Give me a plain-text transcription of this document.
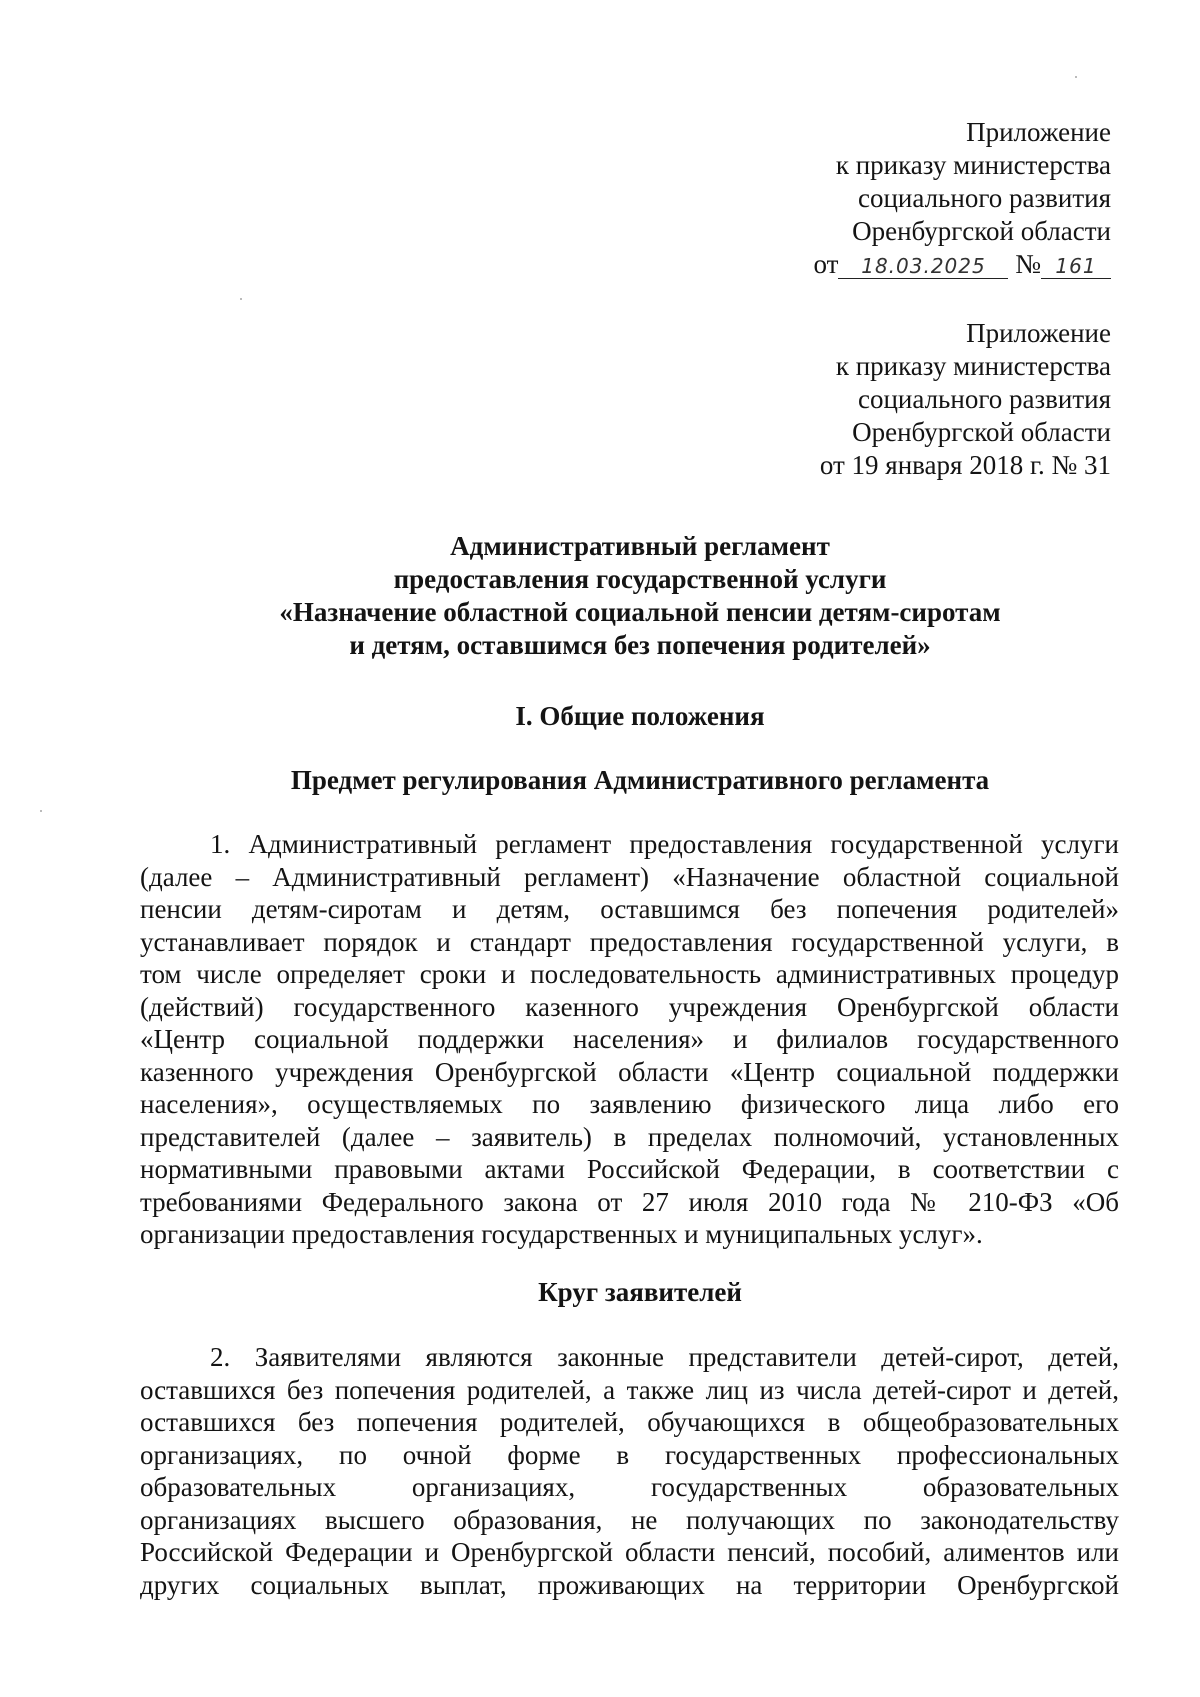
Приложение
к приказу министерства
социального развития
Оренбургской области
от 18.03.2025 № 161
Приложение
к приказу министерства
социального развития
Оренбургской области
от 19 января 2018 г. № 31
Административный регламент
предоставления государственной услуги
«Назначение областной социальной пенсии детям-сиротам
и детям, оставшимся без попечения родителей»
I. Общие положения
Предмет регулирования Административного регламента
1. Административный регламент предоставления государственной услуги
(далее – Административный регламент) «Назначение областной социальной
пенсии детям-сиротам и детям, оставшимся без попечения родителей»
устанавливает порядок и стандарт предоставления государственной услуги, в
том числе определяет сроки и последовательность административных процедур
(действий) государственного казенного учреждения Оренбургской области
«Центр социальной поддержки населения» и филиалов государственного
казенного учреждения Оренбургской области «Центр социальной поддержки
населения», осуществляемых по заявлению физического лица либо его
представителей (далее – заявитель) в пределах полномочий, установленных
нормативными правовыми актами Российской Федерации, в соответствии с
требованиями Федерального закона от 27 июля 2010 года № 210-ФЗ «Об
организации предоставления государственных и муниципальных услуг».
Круг заявителей
2. Заявителями являются законные представители детей-сирот, детей,
оставшихся без попечения родителей, а также лиц из числа детей-сирот и детей,
оставшихся без попечения родителей, обучающихся в общеобразовательных
организациях, по очной форме в государственных профессиональных
образовательных организациях, государственных образовательных
организациях высшего образования, не получающих по законодательству
Российской Федерации и Оренбургской области пенсий, пособий, алиментов или
других социальных выплат, проживающих на территории Оренбургской
